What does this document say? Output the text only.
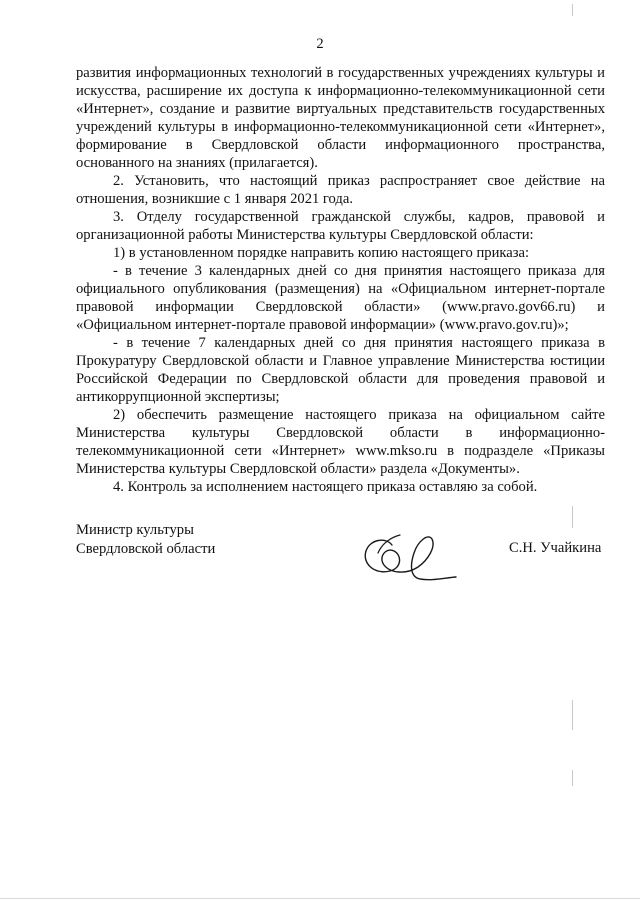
2

развития информационных технологий в государственных учреждениях культуры и искусства, расширение их доступа к информационно-телекоммуникационной сети «Интернет», создание и развитие виртуальных представительств государственных учреждений культуры в информационно-телекоммуникационной сети «Интернет», формирование в Свердловской области информационного пространства, основанного на знаниях (прилагается).

2. Установить, что настоящий приказ распространяет свое действие на отношения, возникшие с 1 января 2021 года.

3. Отделу государственной гражданской службы, кадров, правовой и организационной работы Министерства культуры Свердловской области:

1) в установленном порядке направить копию настоящего приказа:

- в течение 3 календарных дней со дня принятия настоящего приказа для официального опубликования (размещения) на «Официальном интернет-портале правовой информации Свердловской области» (www.pravo.gov66.ru) и «Официальном интернет-портале правовой информации» (www.pravo.gov.ru)»;

- в течение 7 календарных дней со дня принятия настоящего приказа в Прокуратуру Свердловской области и Главное управление Министерства юстиции Российской Федерации по Свердловской области для проведения правовой и антикоррупционной экспертизы;

2) обеспечить размещение настоящего приказа на официальном сайте Министерства культуры Свердловской области в информационно-телекоммуникационной сети «Интернет» www.mkso.ru в подразделе «Приказы Министерства культуры Свердловской области» раздела «Документы».

4. Контроль за исполнением настоящего приказа оставляю за собой.

Министр культуры
Свердловской области	С.Н. Учайкина
